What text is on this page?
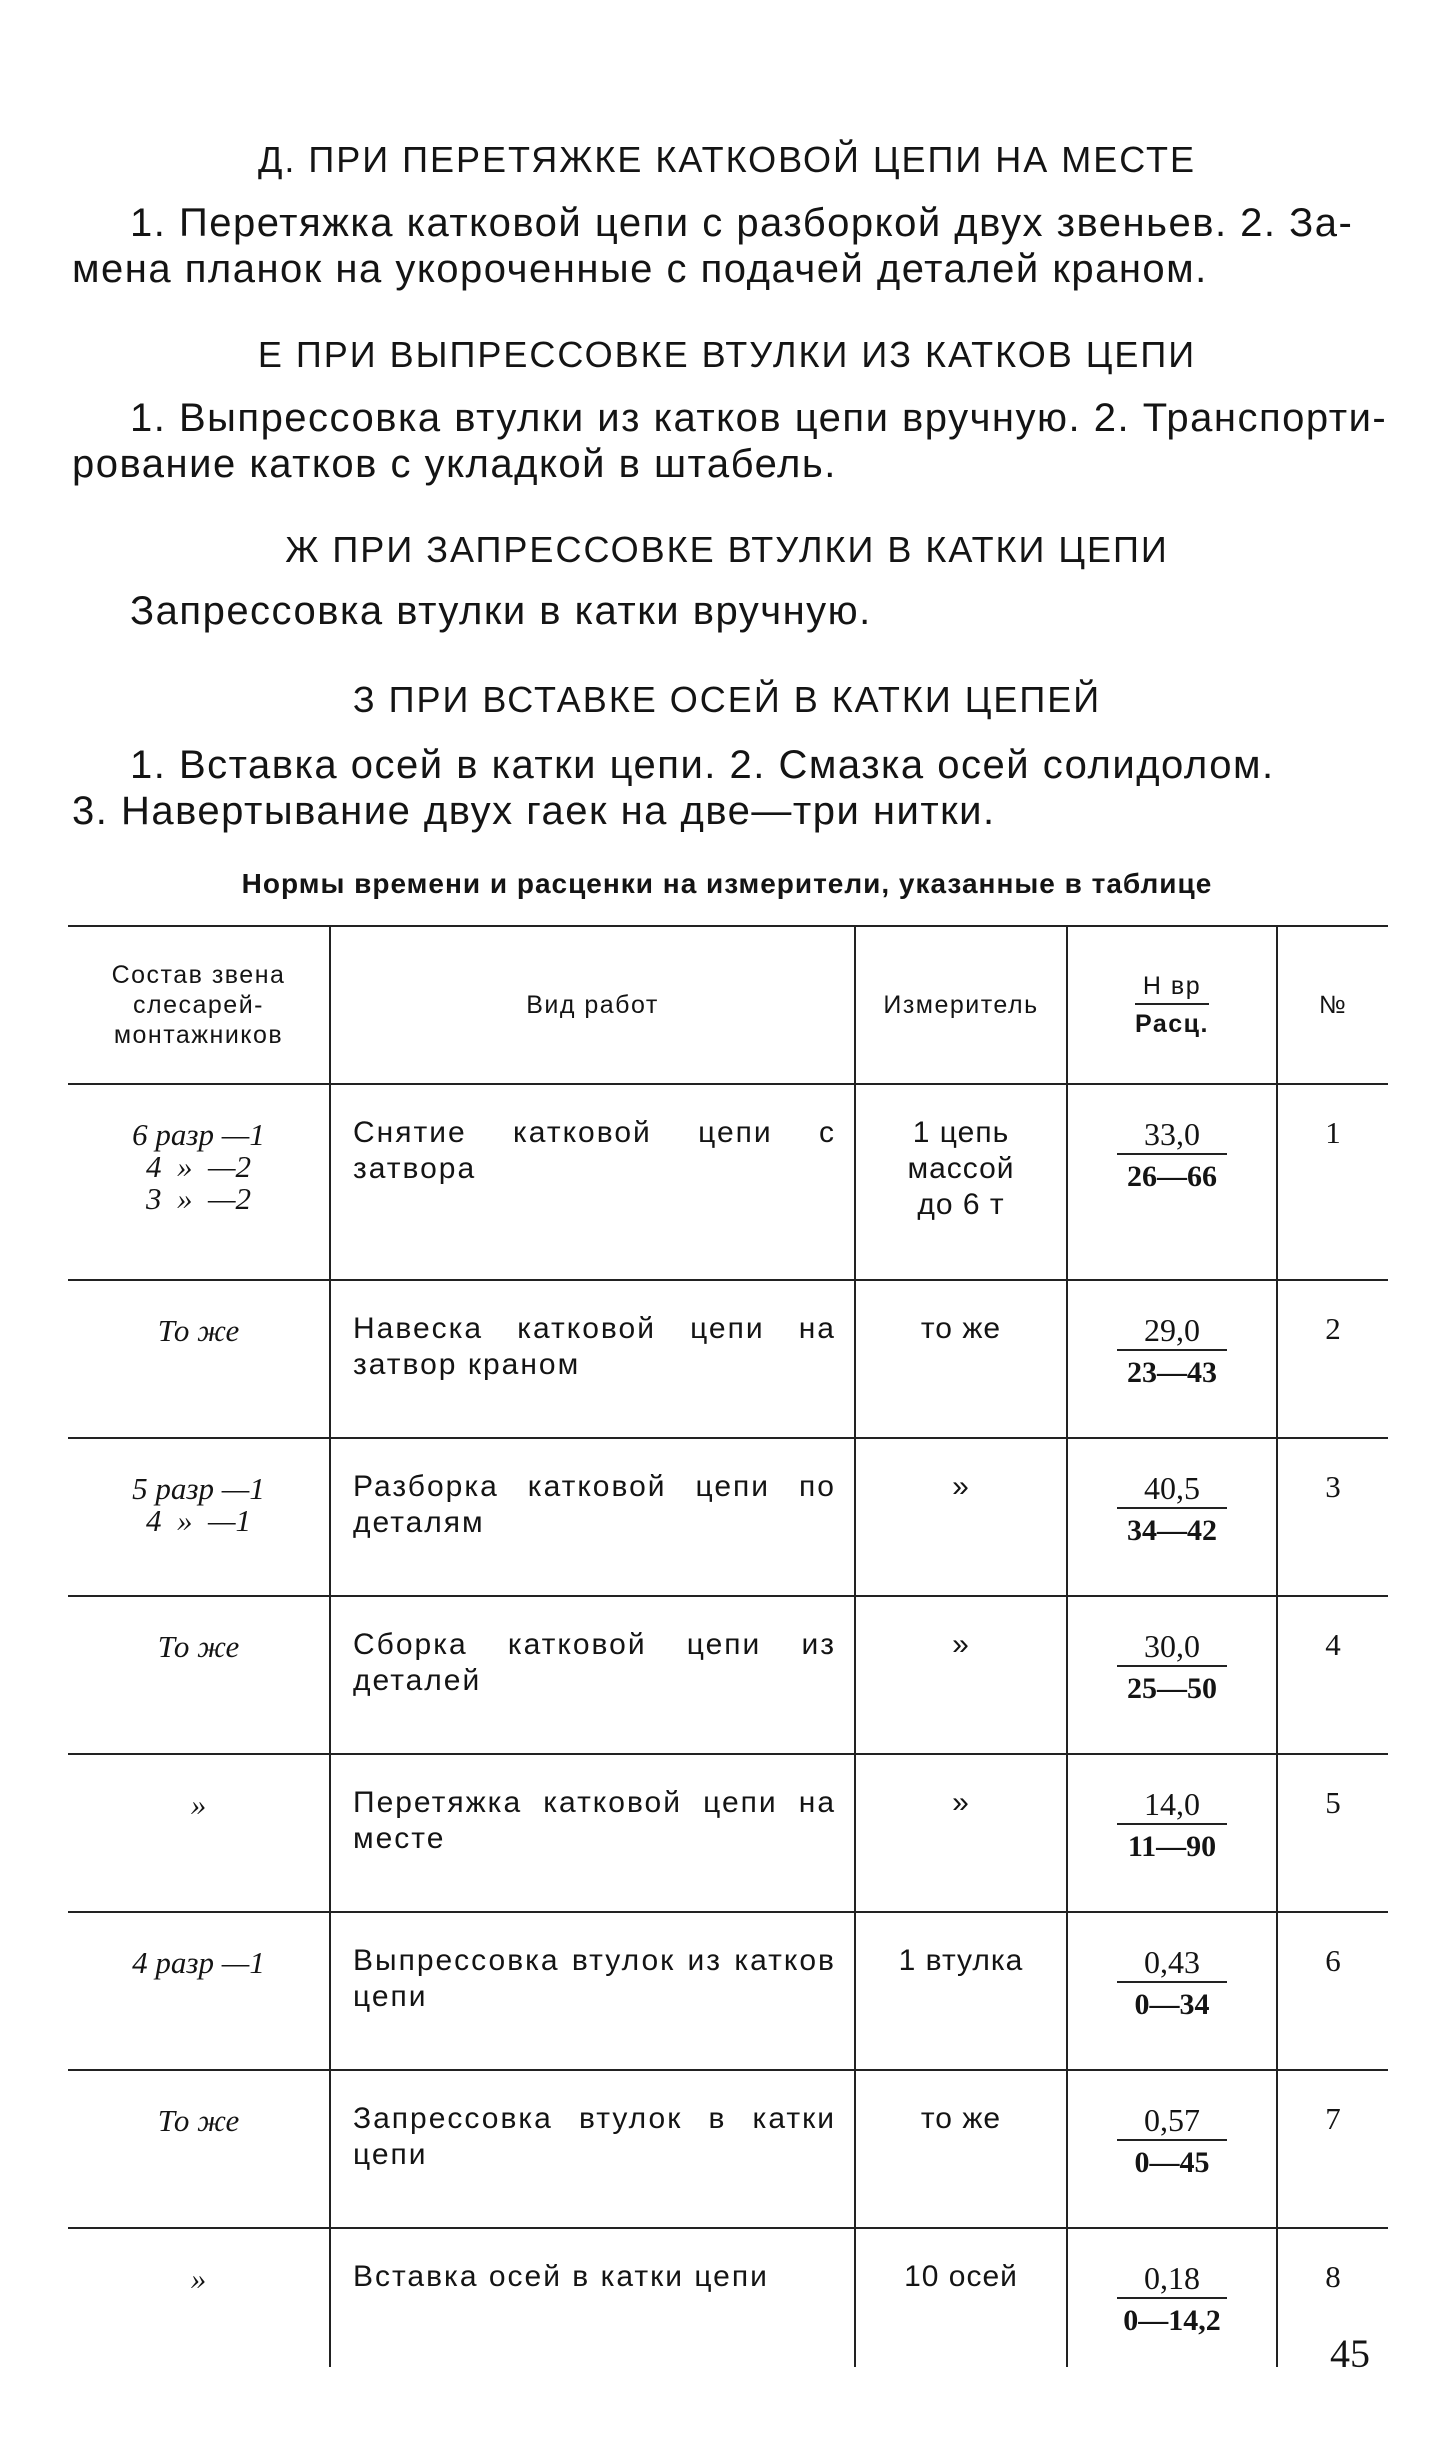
Д. ПРИ ПЕРЕТЯЖКЕ КАТКОВОЙ ЦЕПИ НА МЕСТЕ
1. Перетяжка катковой цепи с разборкой двух звеньев. 2. За-
мена планок на укороченные с подачей деталей краном.
Е ПРИ ВЫПРЕССОВКЕ ВТУЛКИ ИЗ КАТКОВ ЦЕПИ
1. Выпрессовка втулки из катков цепи вручную. 2. Транспорти-
рование катков с укладкой в штабель.
Ж ПРИ ЗАПРЕССОВКЕ ВТУЛКИ В КАТКИ ЦЕПИ
Запрессовка втулки в катки вручную.
З ПРИ ВСТАВКЕ ОСЕЙ В КАТКИ ЦЕПЕЙ
1. Вставка осей в катки цепи. 2. Смазка осей солидолом.
3. Навертывание двух гаек на две—три нитки.
Нормы времени и расценки на измерители, указанные в таблице
Состав звена
слесарей-
монтажников	Вид работ	Измеритель	$\frac{\text{Н вр}}{\text{Расц.}}$	№

6 разр —1
4  »  —2
3  »  —2	Снятие катковой цепи с затвора	1 цепь
массой
до 6 т	33,0
26—66	1

То же	Навеска катковой цепи на затвор краном	то же	29,0
23—43	2

5 разр —1
4  »  —1	Разборка катковой цепи по деталям	»	40,5
34—42	3

То же	Сборка катковой цепи из деталей	»	30,0
25—50	4

»	Перетяжка катковой цепи на месте	»	14,0
11—90	5

4 разр —1	Выпрессовка втулок из катков цепи	1 втулка	0,43
0—34	6

То же	Запрессовка втулок в катки цепи	то же	0,57
0—45	7

»	Вставка осей в катки цепи	10 осей	0,18
0—14,2	8
45
